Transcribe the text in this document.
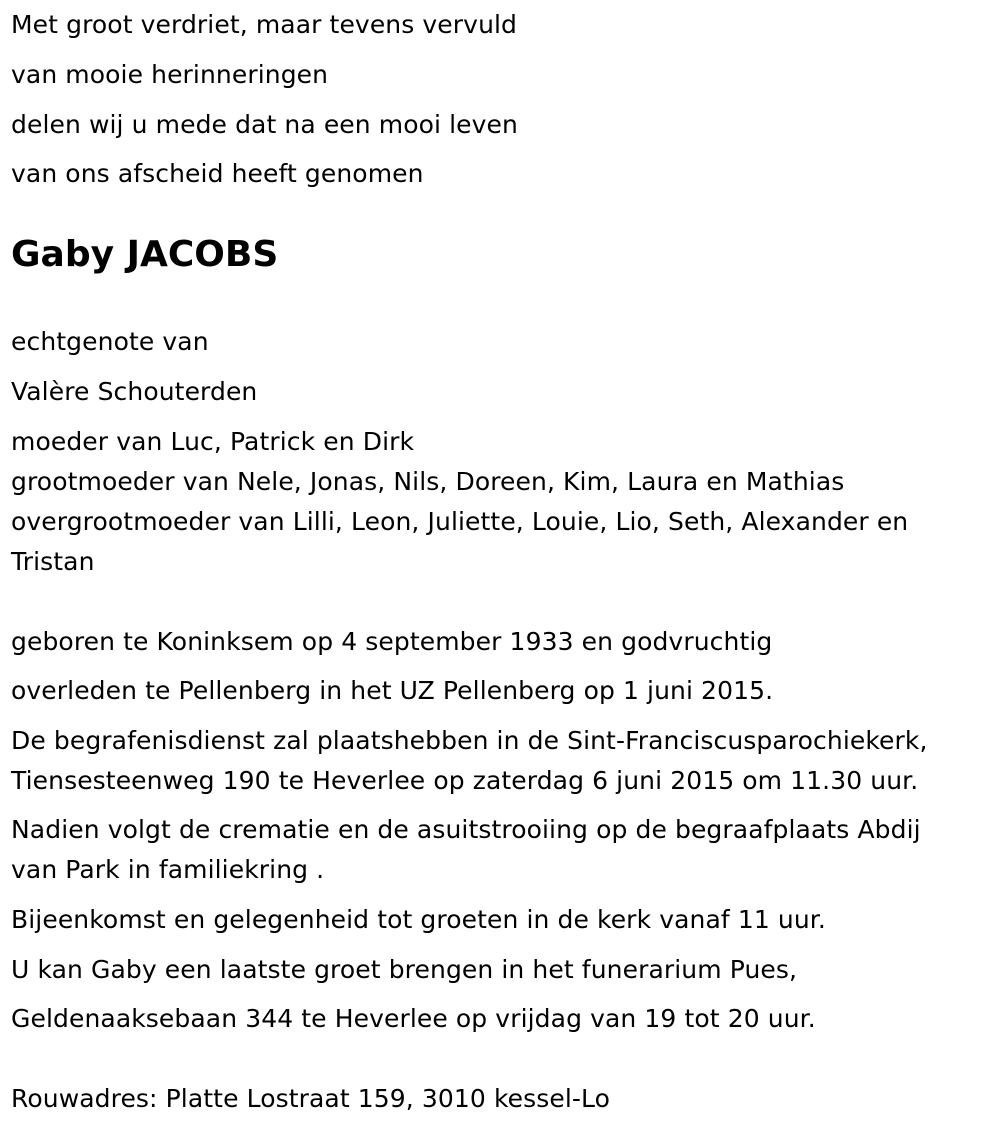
Met groot verdriet, maar tevens vervuld
van mooie herinneringen
delen wij u mede dat na een mooi leven
van ons afscheid heeft genomen
Gaby JACOBS
echtgenote van
Valère Schouterden
moeder van Luc, Patrick en Dirk
grootmoeder van Nele, Jonas, Nils, Doreen, Kim, Laura en Mathias
overgrootmoeder van Lilli, Leon, Juliette, Louie, Lio, Seth, Alexander en
Tristan
geboren te Koninksem op 4 september 1933 en godvruchtig
overleden te Pellenberg in het UZ Pellenberg op 1 juni 2015.
De begrafenisdienst zal plaatshebben in de Sint-Franciscusparochiekerk,
Tiensesteenweg 190 te Heverlee op zaterdag 6 juni 2015 om 11.30 uur.
Nadien volgt de crematie en de asuitstrooiing op de begraafplaats Abdij
van Park in familiekring .
Bijeenkomst en gelegenheid tot groeten in de kerk vanaf 11 uur.
U kan Gaby een laatste groet brengen in het funerarium Pues,
Geldenaaksebaan 344 te Heverlee op vrijdag van 19 tot 20 uur.
Rouwadres: Platte Lostraat 159, 3010 kessel-Lo
